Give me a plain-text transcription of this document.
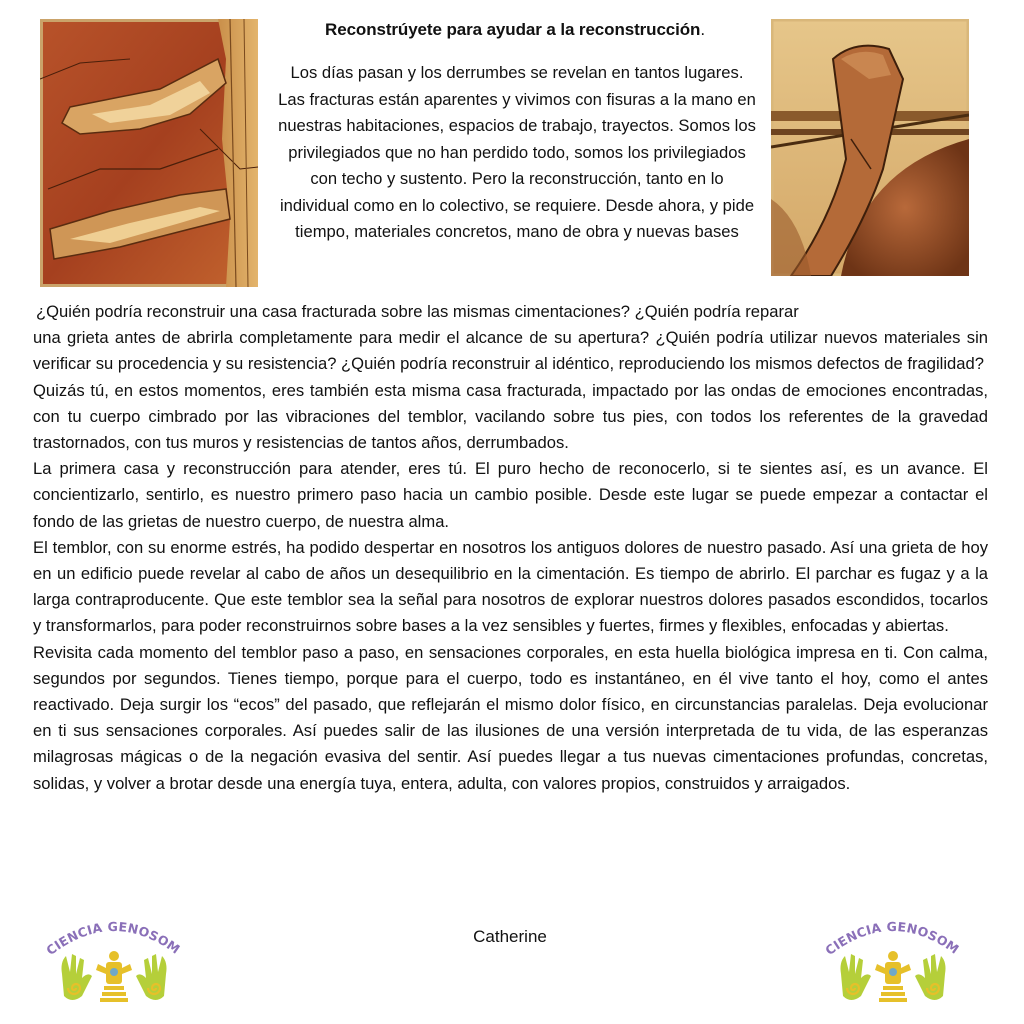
Reconstrúyete para ayudar a la reconstrucción.
Los días pasan y los derrumbes se revelan en tantos lugares. Las fracturas están aparentes y vivimos con fisuras a la mano en nuestras habitaciones, espacios de trabajo, trayectos. Somos los privilegiados que no han perdido todo, somos los privilegiados con techo y sustento. Pero la reconstrucción, tanto en lo individual como en lo colectivo, se requiere. Desde ahora, y pide tiempo, materiales concretos, mano de obra y nuevas bases

¿Quién podría reconstruir una casa fracturada sobre las mismas cimentaciones? ¿Quién podría reparar
una grieta antes de abrirla completamente para medir el alcance de su apertura? ¿Quién podría utilizar nuevos materiales sin verificar su procedencia y su resistencia? ¿Quién podría reconstruir al idéntico, reproduciendo los mismos defectos de fragilidad?

Quizás tú, en estos momentos, eres también esta misma casa fracturada, impactado por las ondas de emociones encontradas, con tu cuerpo cimbrado por las vibraciones del temblor, vacilando sobre tus pies, con todos los referentes de la gravedad trastornados, con tus muros y resistencias de tantos años, derrumbados.

La primera casa y reconstrucción para atender, eres tú. El puro hecho de reconocerlo, si te sientes así, es un avance. El concientizarlo, sentirlo, es nuestro primero paso hacia un cambio posible. Desde este lugar se puede empezar a contactar el fondo de las grietas de nuestro cuerpo, de nuestra alma.

El temblor, con su enorme estrés, ha podido despertar en nosotros los antiguos dolores de nuestro pasado. Así una grieta de hoy en un edificio puede revelar al cabo de años un desequilibrio en la cimentación. Es tiempo de abrirlo. El parchar es fugaz y a la larga contraproducente. Que este temblor sea la señal para nosotros de explorar nuestros dolores pasados escondidos, tocarlos y transformarlos, para poder reconstruirnos sobre bases a la vez sensibles y fuertes, firmes y flexibles, enfocadas y abiertas.

Revisita cada momento del temblor paso a paso, en sensaciones corporales, en esta huella biológica impresa en ti. Con calma, segundos por segundos. Tienes tiempo, porque para el cuerpo, todo es instantáneo, en él vive tanto el hoy, como el antes reactivado. Deja surgir los “ecos” del pasado, que reflejarán el mismo dolor físico, en circunstancias paralelas. Deja evolucionar en ti sus sensaciones corporales. Así puedes salir de las ilusiones de una versión interpretada de tu vida, de las esperanzas milagrosas mágicas o de la negación evasiva del sentir. Así puedes llegar a tus nuevas cimentaciones profundas, concretas, solidas, y volver a brotar desde una energía tuya, entera, adulta, con valores propios, construidos y arraigados.

Catherine
CIENCIA GENOSOM	CIENCIA GENOSOM
